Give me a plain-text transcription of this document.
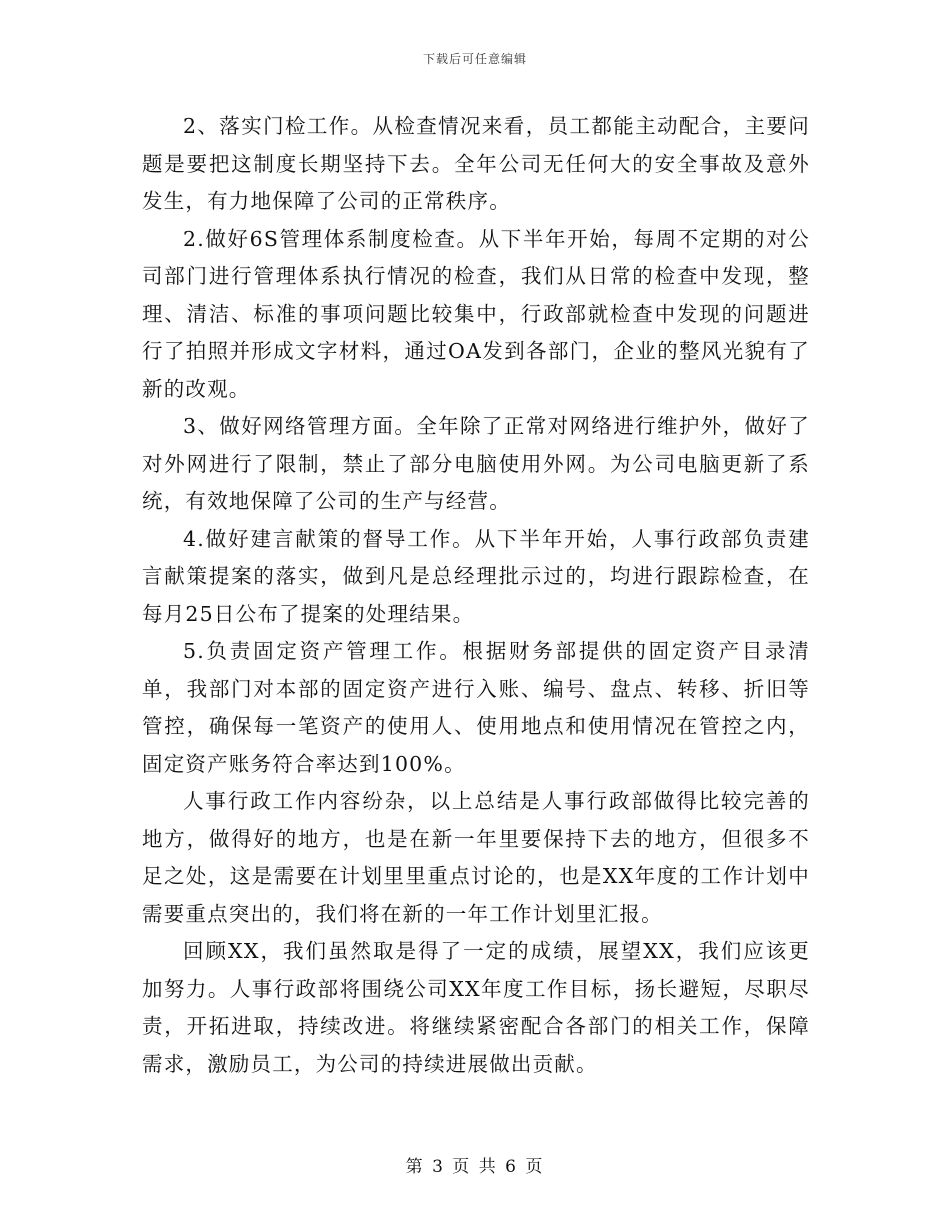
下载后可任意编辑

2、落实门检工作。从检查情况来看，员工都能主动配合，主要问题是要把这制度长期坚持下去。全年公司无任何大的安全事故及意外发生，有力地保障了公司的正常秩序。

2.做好6S管理体系制度检查。从下半年开始，每周不定期的对公司部门进行管理体系执行情况的检查，我们从日常的检查中发现，整理、清洁、标准的事项问题比较集中，行政部就检查中发现的问题进行了拍照并形成文字材料，通过OA发到各部门，企业的整风光貌有了新的改观。

3、做好网络管理方面。全年除了正常对网络进行维护外，做好了对外网进行了限制，禁止了部分电脑使用外网。为公司电脑更新了系统，有效地保障了公司的生产与经营。

4.做好建言献策的督导工作。从下半年开始，人事行政部负责建言献策提案的落实，做到凡是总经理批示过的，均进行跟踪检查，在每月25日公布了提案的处理结果。

5.负责固定资产管理工作。根据财务部提供的固定资产目录清单，我部门对本部的固定资产进行入账、编号、盘点、转移、折旧等管控，确保每一笔资产的使用人、使用地点和使用情况在管控之内，固定资产账务符合率达到100%。

人事行政工作内容纷杂，以上总结是人事行政部做得比较完善的地方，做得好的地方，也是在新一年里要保持下去的地方，但很多不足之处，这是需要在计划里里重点讨论的，也是XX年度的工作计划中需要重点突出的，我们将在新的一年工作计划里汇报。

回顾XX，我们虽然取是得了一定的成绩，展望XX，我们应该更加努力。人事行政部将围绕公司XX年度工作目标，扬长避短，尽职尽责，开拓进取，持续改进。将继续紧密配合各部门的相关工作，保障需求，激励员工，为公司的持续进展做出贡献。

第 3 页 共 6 页
